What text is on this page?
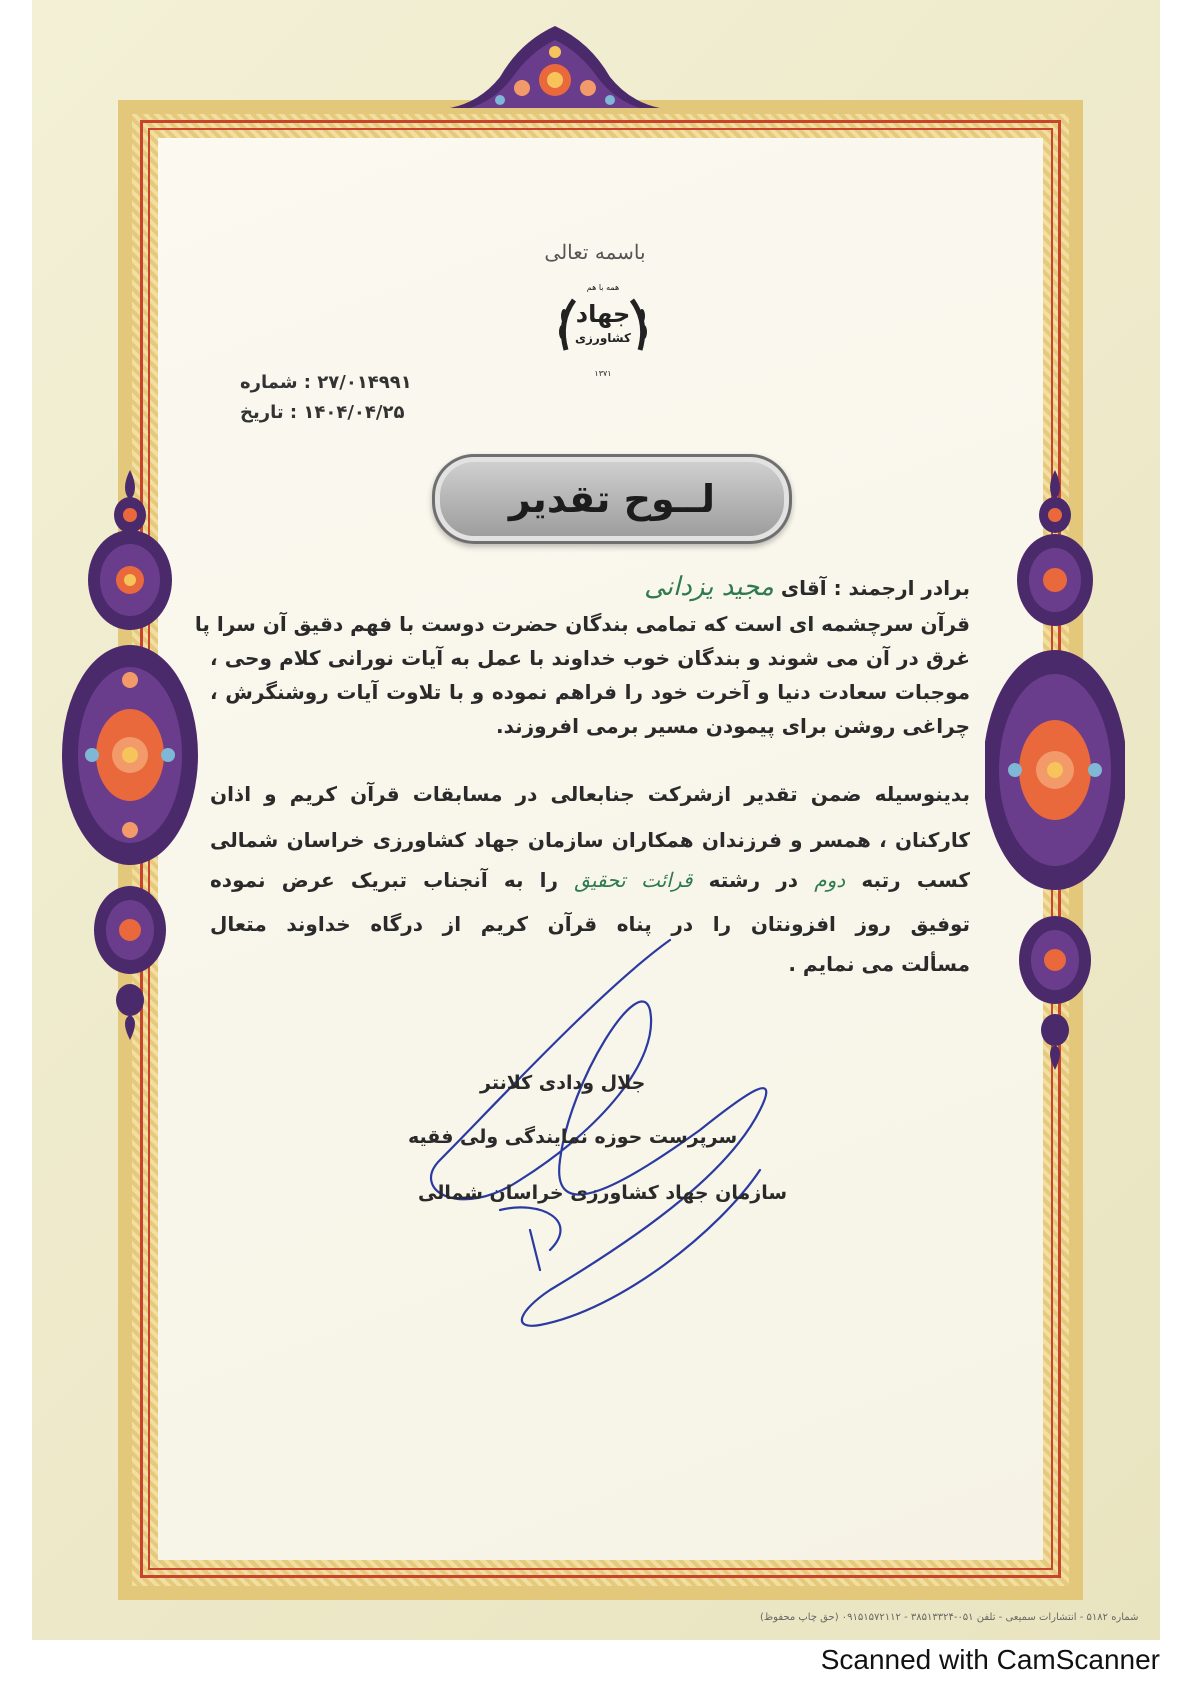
باسمه تعالی
همه با هم
جهاد
کشاورزی
۱۳۷۱
۲۷/۰۱۴۹۹۱ : شماره
۱۴۰۴/۰۴/۲۵ : تاریخ
لــوح تقدیر
برادر ارجمند : آقای مجید یزدانی
قرآن سرچشمه ای است که تمامی بندگان حضرت دوست با فهم دقیق آن سرا پا
غرق در آن می شوند و بندگان خوب خداوند با عمل به آیات نورانی کلام وحی ،
موجبات سعادت دنیا و آخرت خود را فراهم نموده و با تلاوت آیات روشنگرش ،
چراغی روشن برای پیمودن مسیر برمی افروزند.
بدینوسیله ضمن تقدیر ازشرکت جنابعالی در مسابقات قرآن کریم و اذان
کارکنان ، همسر و فرزندان همکاران سازمان جهاد کشاورزی خراسان شمالی
کسب رتبه دوم در رشته قرائت تحقیق را به آنجناب تبریک عرض نموده
توفیق روز افزونتان را در پناه قرآن کریم از درگاه خداوند متعال
مسألت می نمایم .
جلال ودادی کلانتر
سرپرست حوزه نمایندگی ولی فقیه
سازمان جهاد کشاورزی خراسان شمالی
شماره ۵۱۸۲ - انتشارات سمیعی - تلفن ۰۵۱-۳۸۵۱۳۳۲۴ - ۰۹۱۵۱۵۷۲۱۱۲ (حق چاپ محفوظ)
Scanned with CamScanner
